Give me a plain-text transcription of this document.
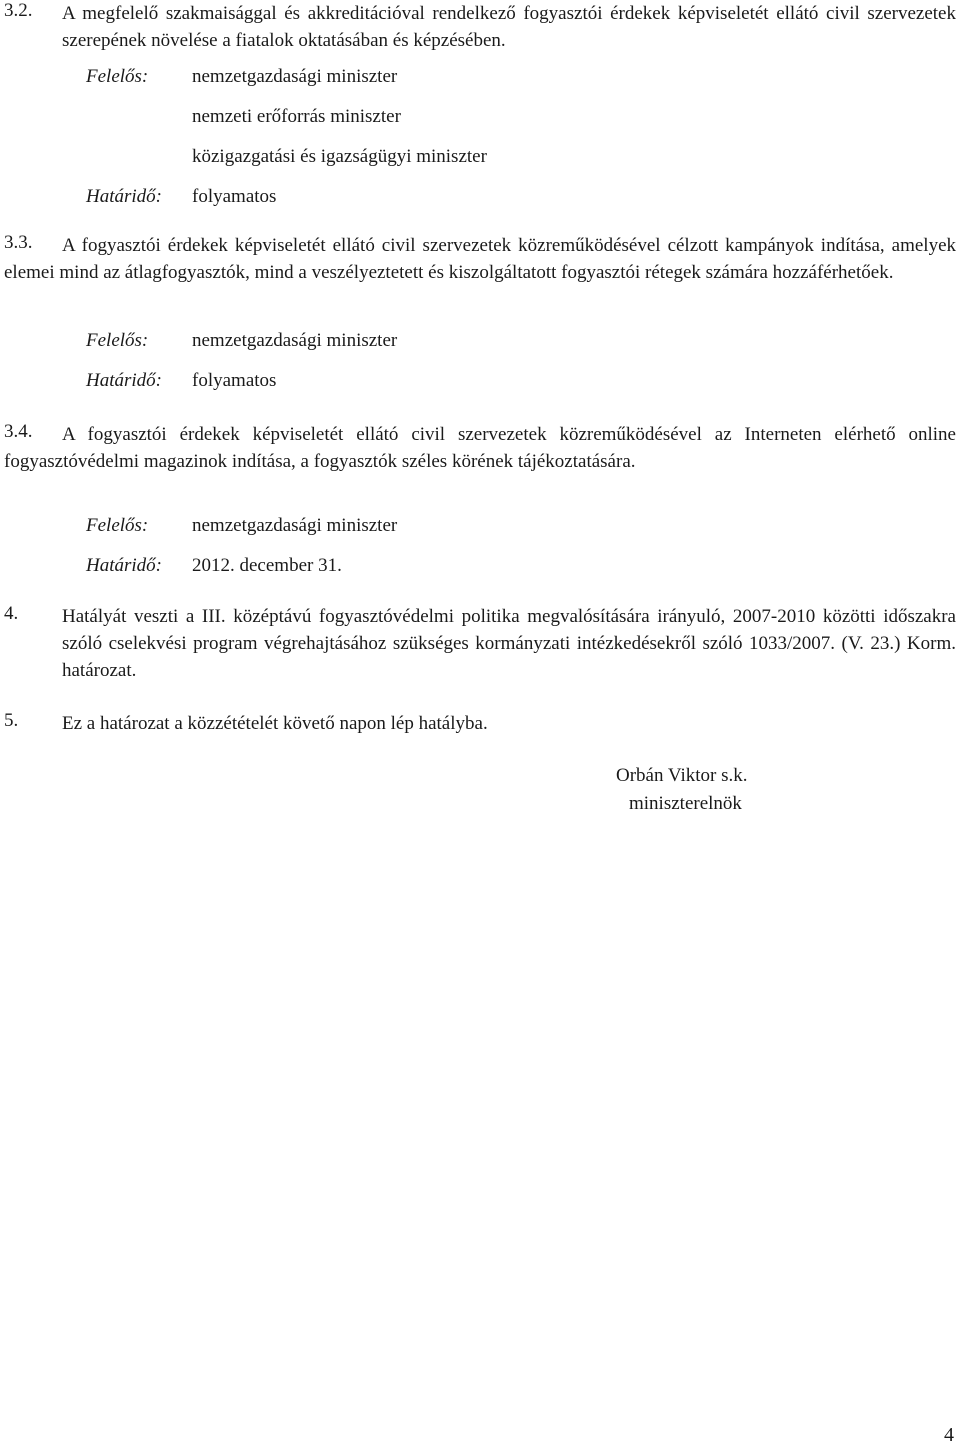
3.2.	A megfelelő szakmaisággal és akkreditációval rendelkező fogyasztói érdekek képviseletét ellátó civil szervezetek szerepének növelése a fiatalok oktatásában és képzésében.
Felelős: nemzetgazdasági miniszter
nemzeti erőforrás miniszter
közigazgatási és igazságügyi miniszter
Határidő: folyamatos
3.3.	A fogyasztói érdekek képviseletét ellátó civil szervezetek közreműködésével célzott kampányok indítása, amelyek elemei mind az átlagfogyasztók, mind a veszélyeztetett és kiszolgáltatott fogyasztói rétegek számára hozzáférhetőek.
Felelős: nemzetgazdasági miniszter
Határidő: folyamatos
3.4.	A fogyasztói érdekek képviseletét ellátó civil szervezetek közreműködésével az Interneten elérhető online fogyasztóvédelmi magazinok indítása, a fogyasztók széles körének tájékoztatására.
Felelős: nemzetgazdasági miniszter
Határidő: 2012. december 31.
4.	Hatályát veszti a III. középtávú fogyasztóvédelmi politika megvalósítására irányuló, 2007-2010 közötti időszakra szóló cselekvési program végrehajtásához szükséges kormányzati intézkedésekről szóló 1033/2007. (V. 23.) Korm. határozat.
5.	Ez a határozat a közzétételét követő napon lép hatályba.
Orbán Viktor s.k.
miniszterelnök
4
